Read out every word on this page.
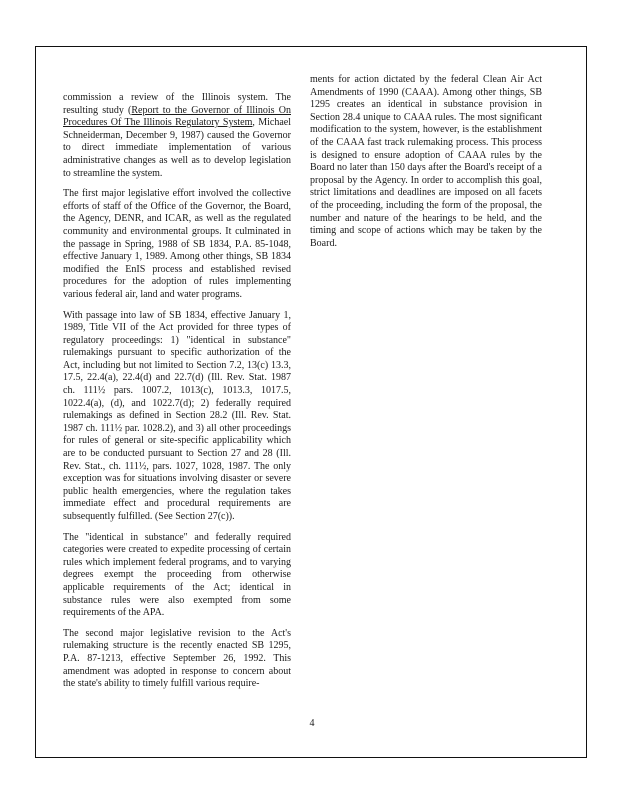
commission a review of the Illinois system. The resulting study (Report to the Governor of Illinois On Procedures Of The Illinois Regulatory System, Michael Schneiderman, December 9, 1987) caused the Governor to direct immediate implementation of various administrative changes as well as to develop legislation to streamline the system.

The first major legislative effort involved the collective efforts of staff of the Office of the Governor, the Board, the Agency, DENR, and ICAR, as well as the regulated community and environmental groups. It culminated in the passage in Spring, 1988 of SB 1834, P.A. 85-1048, effective January 1, 1989. Among other things, SB 1834 modified the EnIS process and established revised procedures for the adoption of rules implementing various federal air, land and water programs.

With passage into law of SB 1834, effective January 1, 1989, Title VII of the Act provided for three types of regulatory proceedings: 1) "identical in substance" rulemakings pursuant to specific authorization of the Act, including but not limited to Section 7.2, 13(c) 13.3, 17.5, 22.4(a), 22.4(d) and 22.7(d) (Ill. Rev. Stat. 1987 ch. 111½ pars. 1007.2, 1013(c), 1013.3, 1017.5, 1022.4(a), (d), and 1022.7(d); 2) federally required rulemakings as defined in Section 28.2 (Ill. Rev. Stat. 1987 ch. 111½ par. 1028.2), and 3) all other proceedings for rules of general or site-specific applicability which are to be conducted pursuant to Section 27 and 28 (Ill. Rev. Stat., ch. 111½, pars. 1027, 1028, 1987. The only exception was for situations involving disaster or severe public health emergencies, where the regulation takes immediate effect and procedural requirements are subsequently fulfilled. (See Section 27(c)).

The "identical in substance" and federally required categories were created to expedite processing of certain rules which implement federal programs, and to varying degrees exempt the proceeding from otherwise applicable requirements of the Act; identical in substance rules were also exempted from some requirements of the APA.

The second major legislative revision to the Act's rulemaking structure is the recently enacted SB 1295, P.A. 87-1213, effective September 26, 1992. This amendment was adopted in response to concern about the state's ability to timely fulfill various require-

ments for action dictated by the federal Clean Air Act Amendments of 1990 (CAAA). Among other things, SB 1295 creates an identical in substance provision in Section 28.4 unique to CAAA rules. The most significant modification to the system, however, is the establishment of the CAAA fast track rulemaking process. This process is designed to ensure adoption of CAAA rules by the Board no later than 150 days after the Board's receipt of a proposal by the Agency. In order to accomplish this goal, strict limitations and deadlines are imposed on all facets of the proceeding, including the form of the proposal, the number and nature of the hearings to be held, and the timing and scope of actions which may be taken by the Board.

4
